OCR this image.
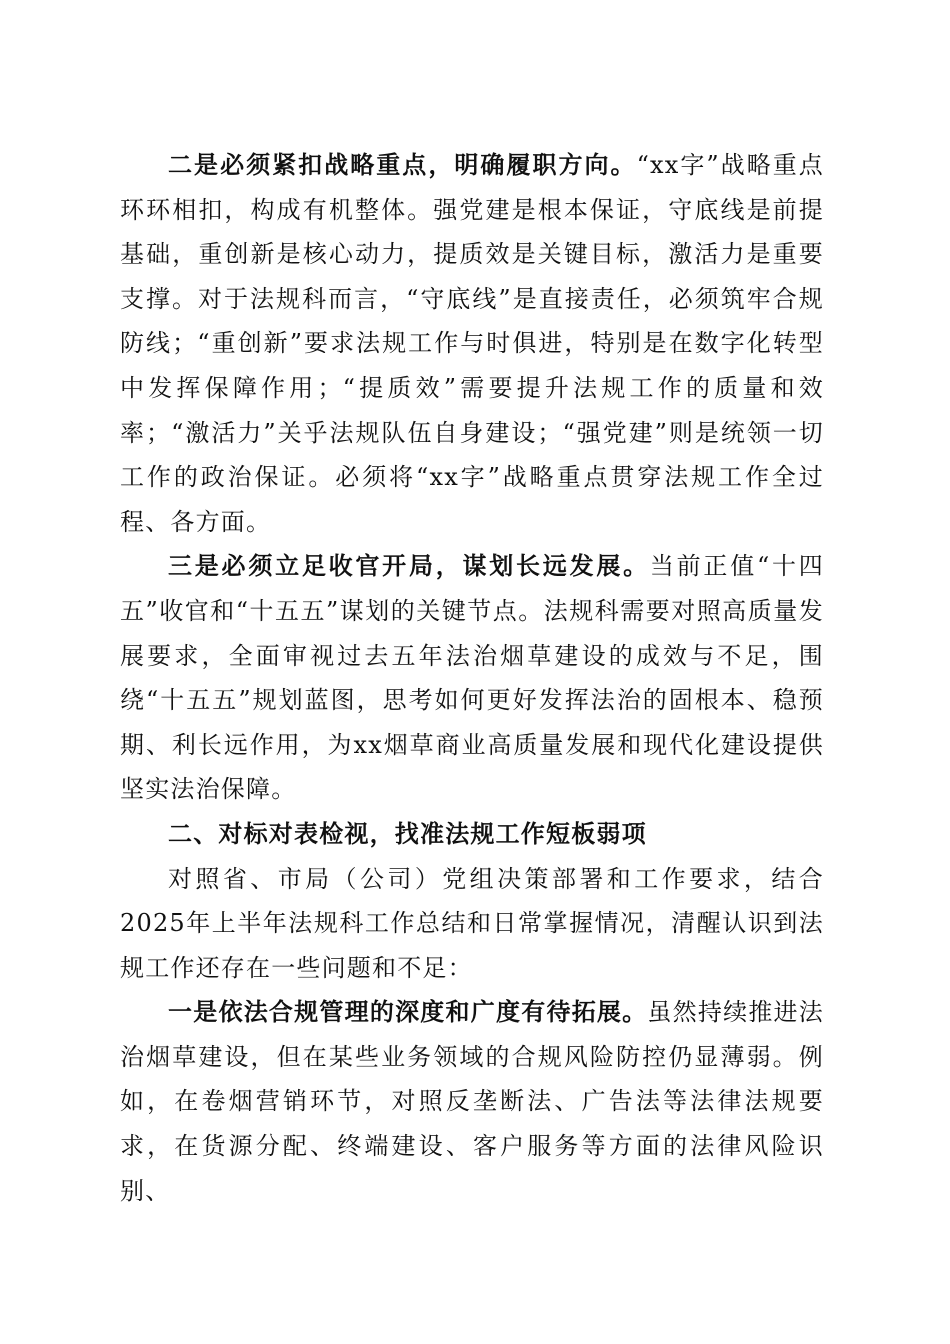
二是必须紧扣战略重点，明确履职方向。“xx字”战略重点环环相扣，构成有机整体。强党建是根本保证，守底线是前提基础，重创新是核心动力，提质效是关键目标，激活力是重要支撑。对于法规科而言，“守底线”是直接责任，必须筑牢合规防线；“重创新”要求法规工作与时俱进，特别是在数字化转型中发挥保障作用；“提质效”需要提升法规工作的质量和效率；“激活力”关乎法规队伍自身建设；“强党建”则是统领一切工作的政治保证。必须将“xx字”战略重点贯穿法规工作全过程、各方面。

三是必须立足收官开局，谋划长远发展。当前正值“十四五”收官和“十五五”谋划的关键节点。法规科需要对照高质量发展要求，全面审视过去五年法治烟草建设的成效与不足，围绕“十五五”规划蓝图，思考如何更好发挥法治的固根本、稳预期、利长远作用，为xx烟草商业高质量发展和现代化建设提供坚实法治保障。

二、对标对表检视，找准法规工作短板弱项

对照省、市局（公司）党组决策部署和工作要求，结合2025年上半年法规科工作总结和日常掌握情况，清醒认识到法规工作还存在一些问题和不足：

一是依法合规管理的深度和广度有待拓展。虽然持续推进法治烟草建设，但在某些业务领域的合规风险防控仍显薄弱。例如，在卷烟营销环节，对照反垄断法、广告法等法律法规要求，在货源分配、终端建设、客户服务等方面的法律风险识别、
